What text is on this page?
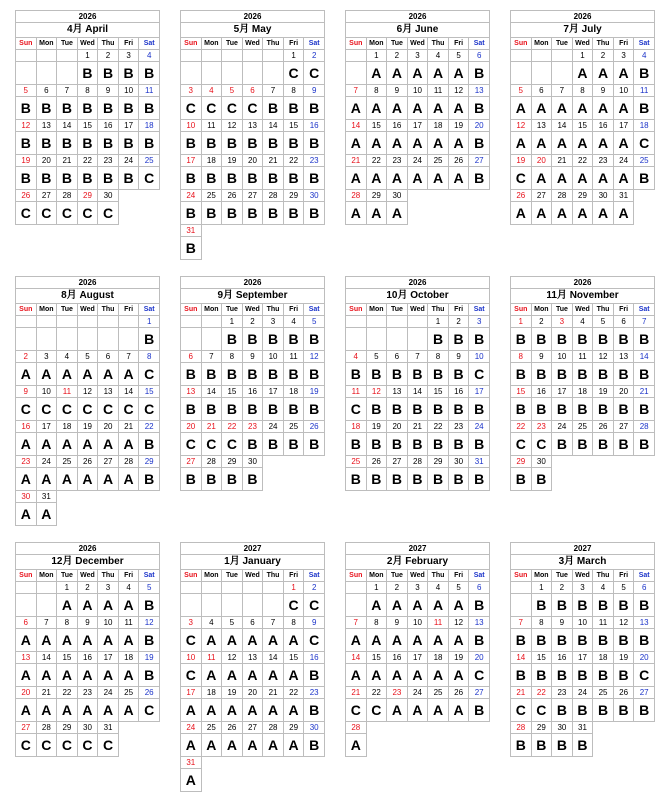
2026						
4月 April						
Sun	Mon	Tue	Wed	Thu	Fri	Sat
			1	2	3	4
			B	B	B	B
5	6	7	8	9	10	11
B	B	B	B	B	B	B
12	13	14	15	16	17	18
B	B	B	B	B	B	B
19	20	21	22	23	24	25
B	B	B	B	B	B	C
26	27	28	29	30		
C	C	C	C	C		
2026						
5月 May						
Sun	Mon	Tue	Wed	Thu	Fri	Sat
					1	2
					C	C
3	4	5	6	7	8	9
C	C	C	C	B	B	B
10	11	12	13	14	15	16
B	B	B	B	B	B	B
17	18	19	20	21	22	23
B	B	B	B	B	B	B
24	25	26	27	28	29	30
B	B	B	B	B	B	B
31						
B						
2026						
6月 June						
Sun	Mon	Tue	Wed	Thu	Fri	Sat
	1	2	3	4	5	6
	A	A	A	A	A	B
7	8	9	10	11	12	13
A	A	A	A	A	A	B
14	15	16	17	18	19	20
A	A	A	A	A	A	B
21	22	23	24	25	26	27
A	A	A	A	A	A	B
28	29	30				
A	A	A				
2026						
7月 July						
Sun	Mon	Tue	Wed	Thu	Fri	Sat
			1	2	3	4
			A	A	A	B
5	6	7	8	9	10	11
A	A	A	A	A	A	B
12	13	14	15	16	17	18
A	A	A	A	A	A	C
19	20	21	22	23	24	25
C	A	A	A	A	A	B
26	27	28	29	30	31	
A	A	A	A	A	A	
2026						
8月 August						
Sun	Mon	Tue	Wed	Thu	Fri	Sat
						1
						B
2	3	4	5	6	7	8
A	A	A	A	A	A	C
9	10	11	12	13	14	15
C	C	C	C	C	C	C
16	17	18	19	20	21	22
A	A	A	A	A	A	B
23	24	25	26	27	28	29
A	A	A	A	A	A	B
30	31					
A	A					
2026						
9月 September						
Sun	Mon	Tue	Wed	Thu	Fri	Sat
		1	2	3	4	5
		B	B	B	B	B
6	7	8	9	10	11	12
B	B	B	B	B	B	B
13	14	15	16	17	18	19
B	B	B	B	B	B	B
20	21	22	23	24	25	26
C	C	C	B	B	B	B
27	28	29	30			
B	B	B	B			
2026						
10月 October						
Sun	Mon	Tue	Wed	Thu	Fri	Sat
				1	2	3
				B	B	B
4	5	6	7	8	9	10
B	B	B	B	B	B	C
11	12	13	14	15	16	17
C	B	B	B	B	B	B
18	19	20	21	22	23	24
B	B	B	B	B	B	B
25	26	27	28	29	30	31
B	B	B	B	B	B	B
2026						
11月 November						
Sun	Mon	Tue	Wed	Thu	Fri	Sat
1	2	3	4	5	6	7
B	B	B	B	B	B	B
8	9	10	11	12	13	14
B	B	B	B	B	B	B
15	16	17	18	19	20	21
B	B	B	B	B	B	B
22	23	24	25	26	27	28
C	C	B	B	B	B	B
29	30					
B	B					
2026						
12月 December						
Sun	Mon	Tue	Wed	Thu	Fri	Sat
		1	2	3	4	5
		A	A	A	A	B
6	7	8	9	10	11	12
A	A	A	A	A	A	B
13	14	15	16	17	18	19
A	A	A	A	A	A	B
20	21	22	23	24	25	26
A	A	A	A	A	A	C
27	28	29	30	31		
C	C	C	C	C		
2027						
1月 January						
Sun	Mon	Tue	Wed	Thu	Fri	Sat
					1	2
					C	C
3	4	5	6	7	8	9
C	A	A	A	A	A	C
10	11	12	13	14	15	16
C	A	A	A	A	A	B
17	18	19	20	21	22	23
A	A	A	A	A	A	B
24	25	26	27	28	29	30
A	A	A	A	A	A	B
31						
A						
2027						
2月 February						
Sun	Mon	Tue	Wed	Thu	Fri	Sat
	1	2	3	4	5	6
	A	A	A	A	A	B
7	8	9	10	11	12	13
A	A	A	A	A	A	B
14	15	16	17	18	19	20
A	A	A	A	A	A	C
21	22	23	24	25	26	27
C	C	A	A	A	A	B
28						
A						
2027						
3月 March						
Sun	Mon	Tue	Wed	Thu	Fri	Sat
	1	2	3	4	5	6
	B	B	B	B	B	B
7	8	9	10	11	12	13
B	B	B	B	B	B	B
14	15	16	17	18	19	20
B	B	B	B	B	B	C
21	22	23	24	25	26	27
C	C	B	B	B	B	B
28	29	30	31			
B	B	B	B			
